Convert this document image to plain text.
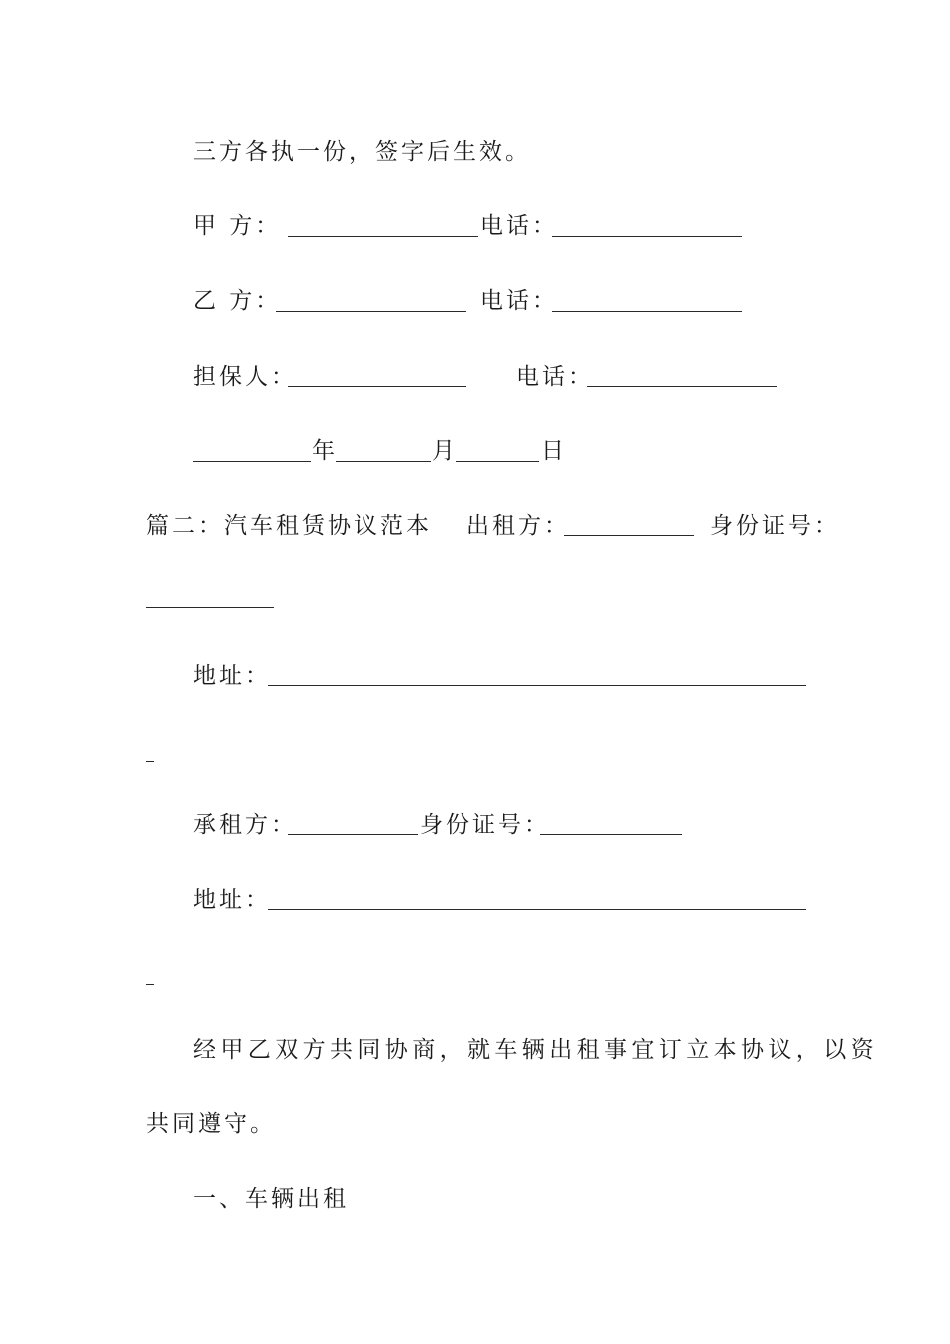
三方各执一份，签字后生效。
甲 方：	电话：
乙 方：	电话：
担保人：	电话：
年	月	日
篇二：汽车租赁协议范本 出租方：	身份证号：
地址：
承租方：	身份证号：
地址：
经甲乙双方共同协商，就车辆出租事宜订立本协议，以资
共同遵守。
一、车辆出租
